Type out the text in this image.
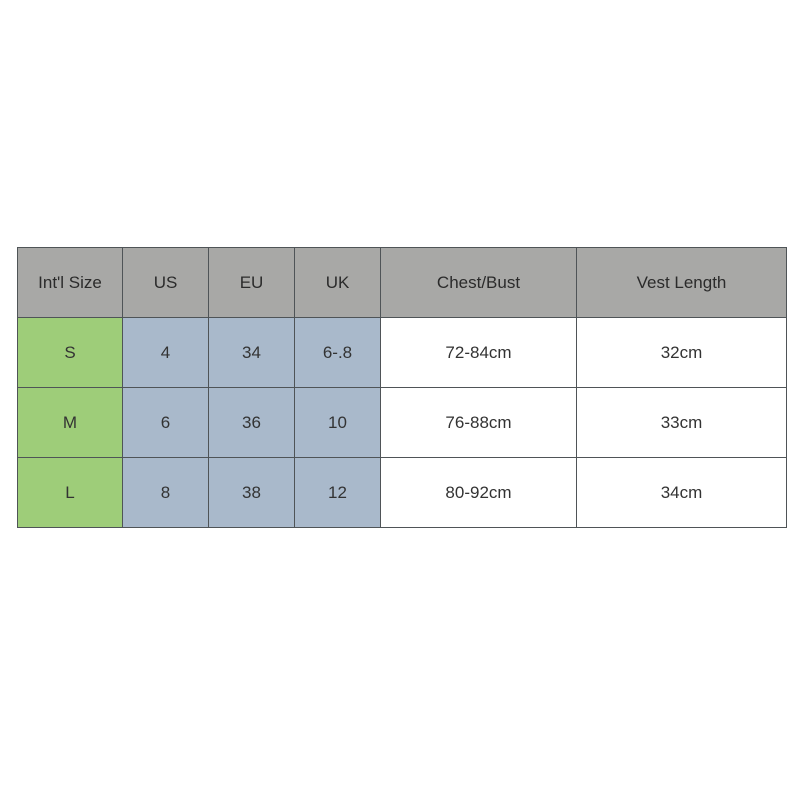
Int'l Size	US	EU	UK	Chest/Bust	Vest Length
S	4	34	6-.8	72-84cm	32cm
M	6	36	10	76-88cm	33cm
L	8	38	12	80-92cm	34cm
